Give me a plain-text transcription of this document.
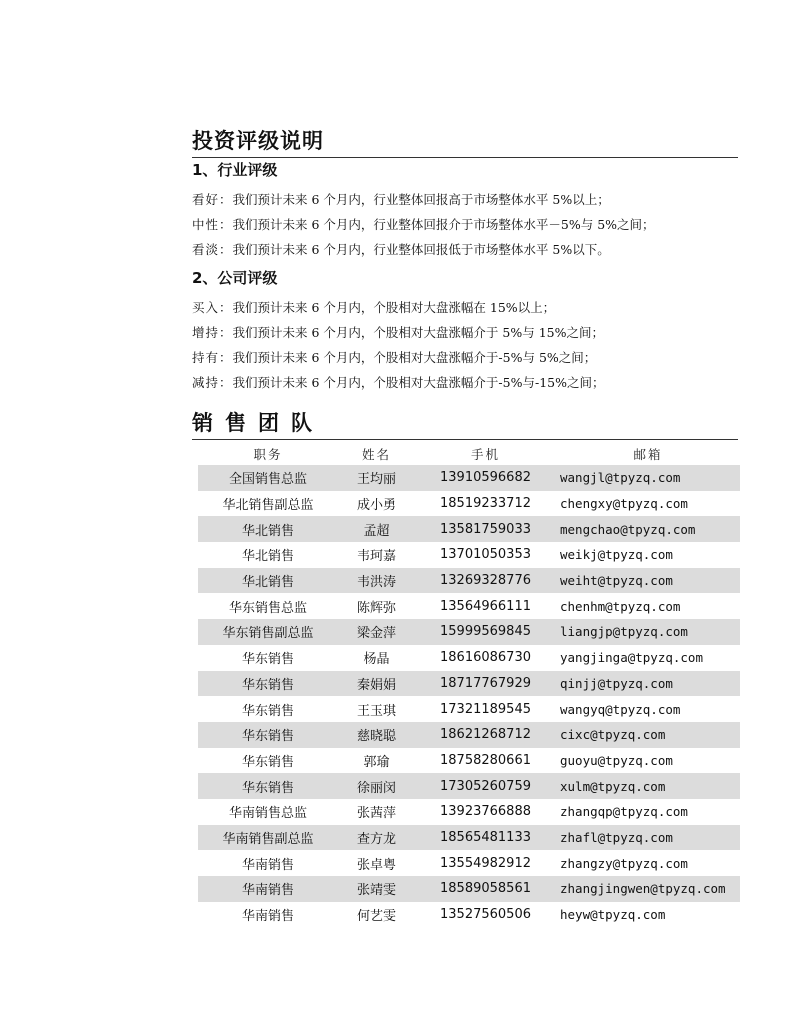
投资评级说明
1、行业评级
看好：我们预计未来 6 个月内，行业整体回报高于市场整体水平 5%以上；
中性：我们预计未来 6 个月内，行业整体回报介于市场整体水平－5%与 5%之间；
看淡：我们预计未来 6 个月内，行业整体回报低于市场整体水平 5%以下。
2、公司评级
买入：我们预计未来 6 个月内，个股相对大盘涨幅在 15%以上；
增持：我们预计未来 6 个月内，个股相对大盘涨幅介于 5%与 15%之间；
持有：我们预计未来 6 个月内，个股相对大盘涨幅介于-5%与 5%之间；
减持：我们预计未来 6 个月内，个股相对大盘涨幅介于-5%与-15%之间；
销售团队
职务	姓名	手机	邮箱
全国销售总监	王均丽	13910596682	wangjl@tpyzq.com
华北销售副总监	成小勇	18519233712	chengxy@tpyzq.com
华北销售	孟超	13581759033	mengchao@tpyzq.com
华北销售	韦珂嘉	13701050353	weikj@tpyzq.com
华北销售	韦洪涛	13269328776	weiht@tpyzq.com
华东销售总监	陈辉弥	13564966111	chenhm@tpyzq.com
华东销售副总监	梁金萍	15999569845	liangjp@tpyzq.com
华东销售	杨晶	18616086730	yangjinga@tpyzq.com
华东销售	秦娟娟	18717767929	qinjj@tpyzq.com
华东销售	王玉琪	17321189545	wangyq@tpyzq.com
华东销售	慈晓聪	18621268712	cixc@tpyzq.com
华东销售	郭瑜	18758280661	guoyu@tpyzq.com
华东销售	徐丽闵	17305260759	xulm@tpyzq.com
华南销售总监	张茜萍	13923766888	zhangqp@tpyzq.com
华南销售副总监	查方龙	18565481133	zhafl@tpyzq.com
华南销售	张卓粤	13554982912	zhangzy@tpyzq.com
华南销售	张靖雯	18589058561	zhangjingwen@tpyzq.com
华南销售	何艺雯	13527560506	heyw@tpyzq.com
